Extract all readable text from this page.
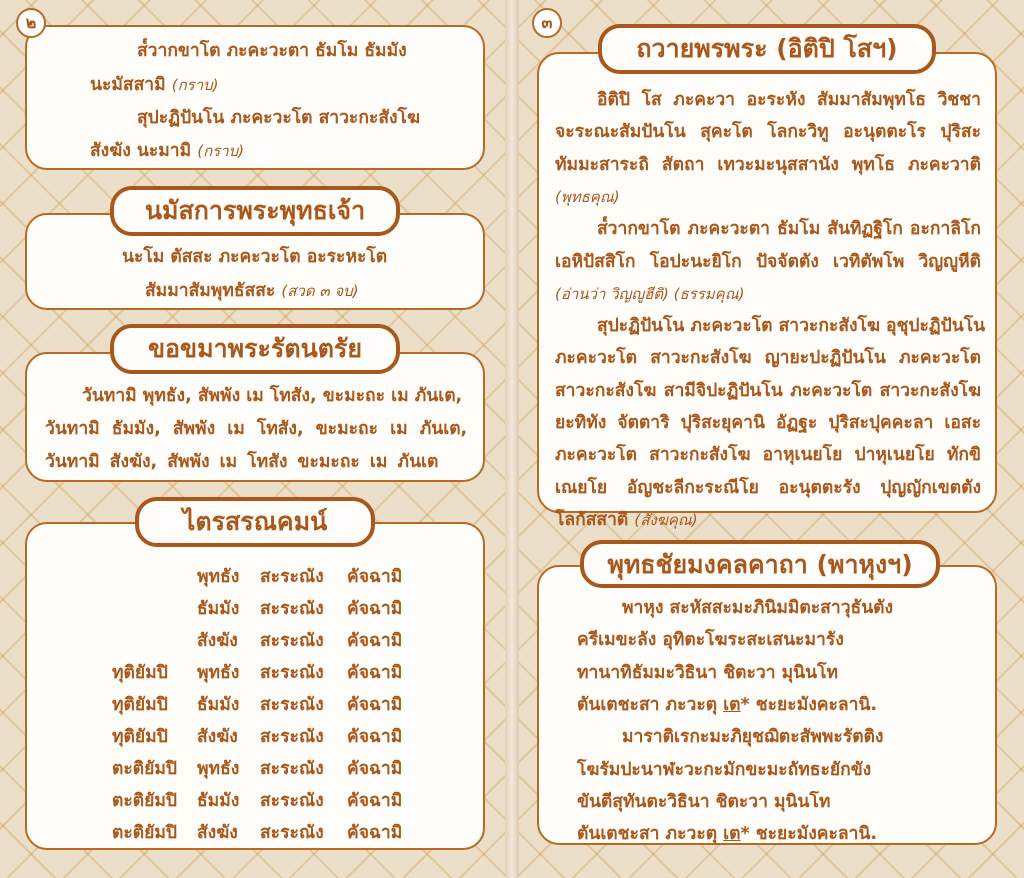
๒
ส๎วากขาโต ภะคะวะตา ธัมโม ธัมมัง
นะมัสสามิ (กราบ)
สุปะฏิปันโน ภะคะวะโต สาวะกะสังโฆ
สังฆัง นะมามิ (กราบ)
นมัสการพระพุทธเจ้า
นะโม ตัสสะ ภะคะวะโต อะระหะโต
สัมมาสัมพุทธัสสะ (สวด ๓ จบ)
ขอขมาพระรัตนตรัย
วันทามิ พุทธัง, สัพพัง เม โทสัง, ขะมะถะ เม ภันเต,
วันทามิ ธัมมัง, สัพพัง เม โทสัง, ขะมะถะ เม ภันเต,
วันทามิ สังฆัง, สัพพัง เม โทสัง ขะมะถะ เม ภันเต
ไตรสรณคมน์
พุทธัง สะระณัง คัจฉามิ
ธัมมัง สะระณัง คัจฉามิ
สังฆัง สะระณัง คัจฉามิ
ทุติยัมปิ พุทธัง สะระณัง คัจฉามิ
ทุติยัมปิ ธัมมัง สะระณัง คัจฉามิ
ทุติยัมปิ สังฆัง สะระณัง คัจฉามิ
ตะติยัมปิ พุทธัง สะระณัง คัจฉามิ
ตะติยัมปิ ธัมมัง สะระณัง คัจฉามิ
ตะติยัมปิ สังฆัง สะระณัง คัจฉามิ
๓
ถวายพรพระ (อิติปิ โสฯ)
อิติปิ โส ภะคะวา อะระหัง สัมมาสัมพุทโธ วิชชา
จะระณะสัมปันโน สุคะโต โลกะวิทู อะนุตตะโร ปุริสะ
ทัมมะสาระถิ สัตถา เทวะมะนุสสานัง พุทโธ ภะคะวาติ
(พุทธคุณ)
ส๎วากขาโต ภะคะวะตา ธัมโม สันทิฏฐิโก อะกาลิโก
เอหิปัสสิโก โอปะนะยิโก ปัจจัตตัง เวทิตัพโพ วิญญูหีติ
(อ่านว่า วิญญูฮีติ) (ธรรมคุณ)
สุปะฏิปันโน ภะคะวะโต สาวะกะสังโฆ อุชุปะฏิปันโน
ภะคะวะโต สาวะกะสังโฆ ญายะปะฏิปันโน ภะคะวะโต
สาวะกะสังโฆ สามีจิปะฏิปันโน ภะคะวะโต สาวะกะสังโฆ
ยะทิทัง จัตตาริ ปุริสะยุคานิ อัฏฐะ ปุริสะปุคคะลา เอสะ
ภะคะวะโต สาวะกะสังโฆ อาหุเนยโย ปาหุเนยโย ทักขิ
เณยโย อัญชะลีกะระณีโย อะนุตตะรัง ปุญญักเขตตัง
โลกัสสาติ (สังฆคุณ)
พุทธชัยมงคลคาถา (พาหุงฯ)
พาหุง สะหัสสะมะภินิมมิตะสาวุธันตัง
ครีเมขะลัง อุทิตะโฆระสะเสนะมารัง
ทานาทิธัมมะวิธินา ชิตะวา มุนินโท
ตันเตชะสา ภะวะตุ เต* ชะยะมังคะลานิ.
มาราติเรกะมะภิยุชฌิตะสัพพะรัตติง
โฆรัมปะนาฬะวะกะมักขะมะถัทธะยักขัง
ขันตีสุทันตะวิธินา ชิตะวา มุนินโท
ตันเตชะสา ภะวะตุ เต* ชะยะมังคะลานิ.
